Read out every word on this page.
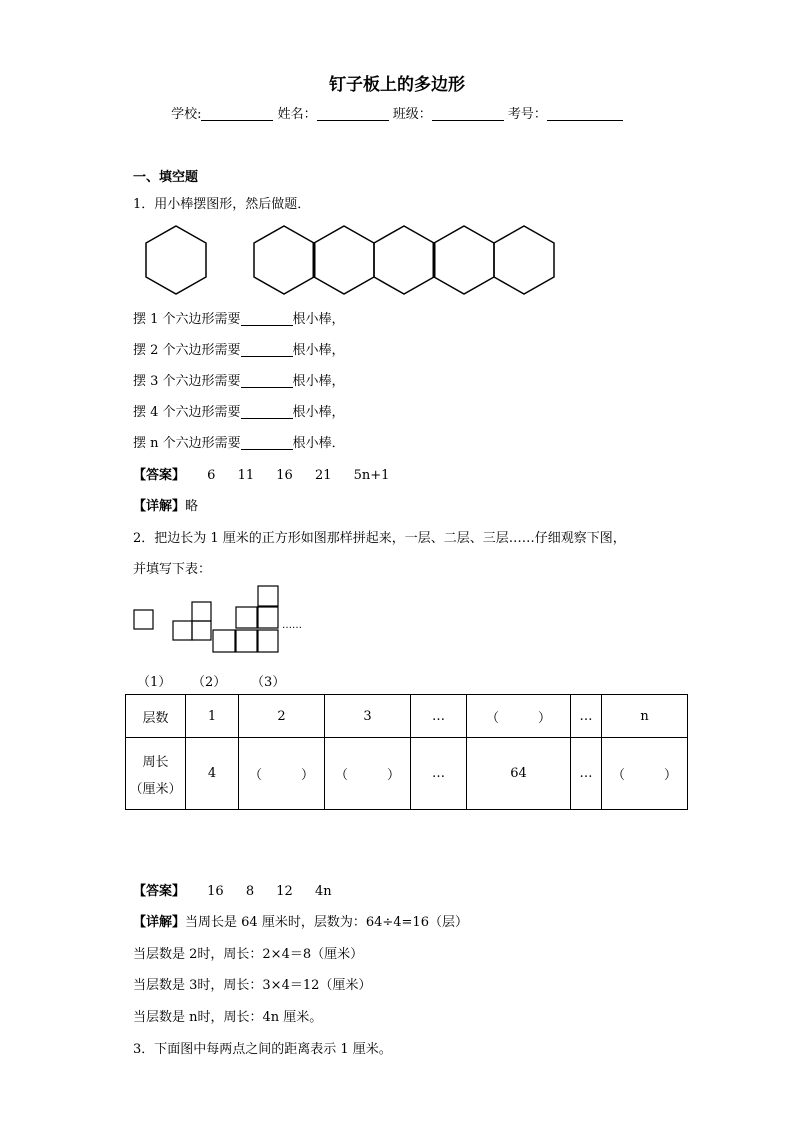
钉子板上的多边形
学校:	姓名：	班级：	考号：
一、填空题
1．用小棒摆图形，然后做题．
摆 1 个六边形需要	根小棒，
摆 2 个六边形需要	根小棒，
摆 3 个六边形需要	根小棒，
摆 4 个六边形需要	根小棒，
摆 n 个六边形需要	根小棒．
【答案】 6 11 16 21 5n+1
【详解】略
2．把边长为 1 厘米的正方形如图那样拼起来，一层、二层、三层……仔细观察下图，
并填写下表：
……
（1） （2） （3）
层数	1	2	3	…	（　　　）	…	n

周长
（厘米）	4	（　　　）	（　　　）	…	64	…	（　　　）
【答案】 16 8 12 4n
【详解】当周长是 64 厘米时，层数为：64÷4=16（层）
当层数是 2时，周长：2×4＝8（厘米）
当层数是 3时，周长：3×4＝12（厘米）
当层数是 n时，周长：4n 厘米。
3．下面图中每两点之间的距离表示 1 厘米。
